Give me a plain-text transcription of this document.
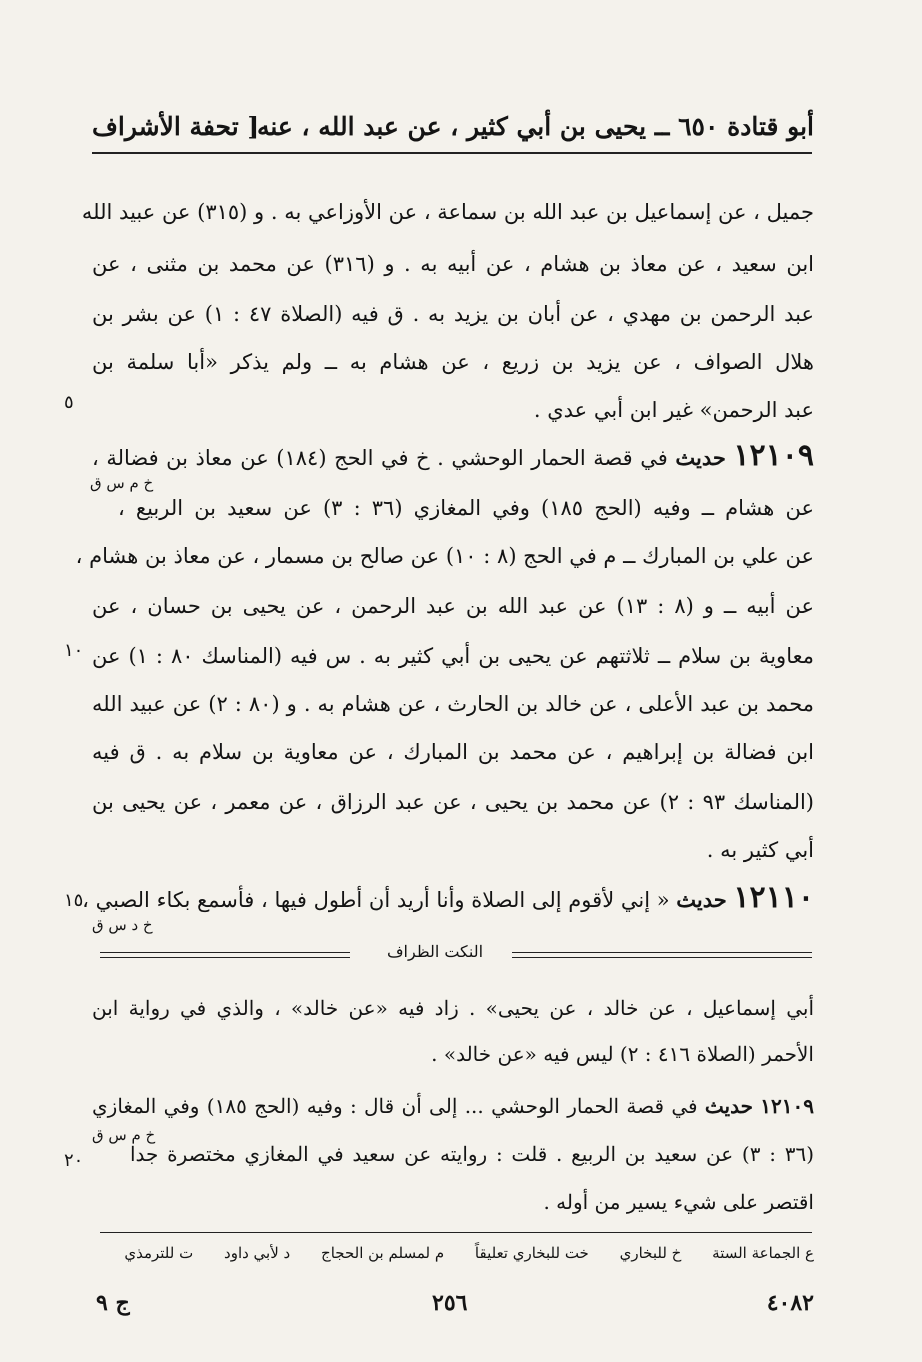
أبو قتادة ٦٥٠ ــ يحيى بن أبي كثير ، عن عبد الله ، عنه
[ تحفة الأشراف
جميل ، عن إسماعيل بن عبد الله بن سماعة ، عن الأوزاعي به . و (٣١٥) عن عبيد الله
ابن سعيد ، عن معاذ بن هشام ، عن أبيه به . و (٣١٦) عن محمد بن مثنى ، عن
عبد الرحمن بن مهدي ، عن أبان بن يزيد به . ق فيه (الصلاة ٤٧ : ١) عن بشر بن
هلال الصواف ، عن يزيد بن زريع ، عن هشام به ــ ولم يذكر «أبا سلمة بن
عبد الرحمن» غير ابن أبي عدي .
٥
١٢١٠٩ حديث في قصة الحمار الوحشي . خ في الحج (١٨٤) عن معاذ بن فضالة ،
خ م س ق
عن هشام ــ وفيه (الحج ١٨٥) وفي المغازي (٣٦ : ٣) عن سعيد بن الربيع ،
عن علي بن المبارك ــ م في الحج (٨ : ١٠) عن صالح بن مسمار ، عن معاذ بن هشام ،
عن أبيه ــ و (٨ : ١٣) عن عبد الله بن عبد الرحمن ، عن يحيى بن حسان ، عن
معاوية بن سلام ــ ثلاثتهم عن يحيى بن أبي كثير به . س فيه (المناسك ٨٠ : ١) عن
١٠
محمد بن عبد الأعلى ، عن خالد بن الحارث ، عن هشام به . و (٨٠ : ٢) عن عبيد الله
ابن فضالة بن إبراهيم ، عن محمد بن المبارك ، عن معاوية بن سلام به . ق فيه
(المناسك ٩٣ : ٢) عن محمد بن يحيى ، عن عبد الرزاق ، عن معمر ، عن يحيى بن
أبي كثير به .
١٢١١٠ حديث « إني لأقوم إلى الصلاة وأنا أريد أن أطول فيها ، فأسمع بكاء الصبي ،
١٥
خ د س ق
النكت الظراف
أبي إسماعيل ، عن خالد ، عن يحيى» . زاد فيه «عن خالد» ، والذي في رواية ابن
الأحمر (الصلاة ٤١٦ : ٢) ليس فيه «عن خالد» .
١٢١٠٩ حديث في قصة الحمار الوحشي ... إلى أن قال : وفيه (الحج ١٨٥) وفي المغازي
خ م س ق
(٣٦ : ٣) عن سعيد بن الربيع . قلت : روايته عن سعيد في المغازي مختصرة جدا
٢٠
اقتصر على شيء يسير من أوله .
ع الجماعة الستة خ للبخاري خت للبخاري تعليقاً م لمسلم بن الحجاج د لأبي داود ت للترمذي
٤٠٨٢
٢٥٦
ج ٩
